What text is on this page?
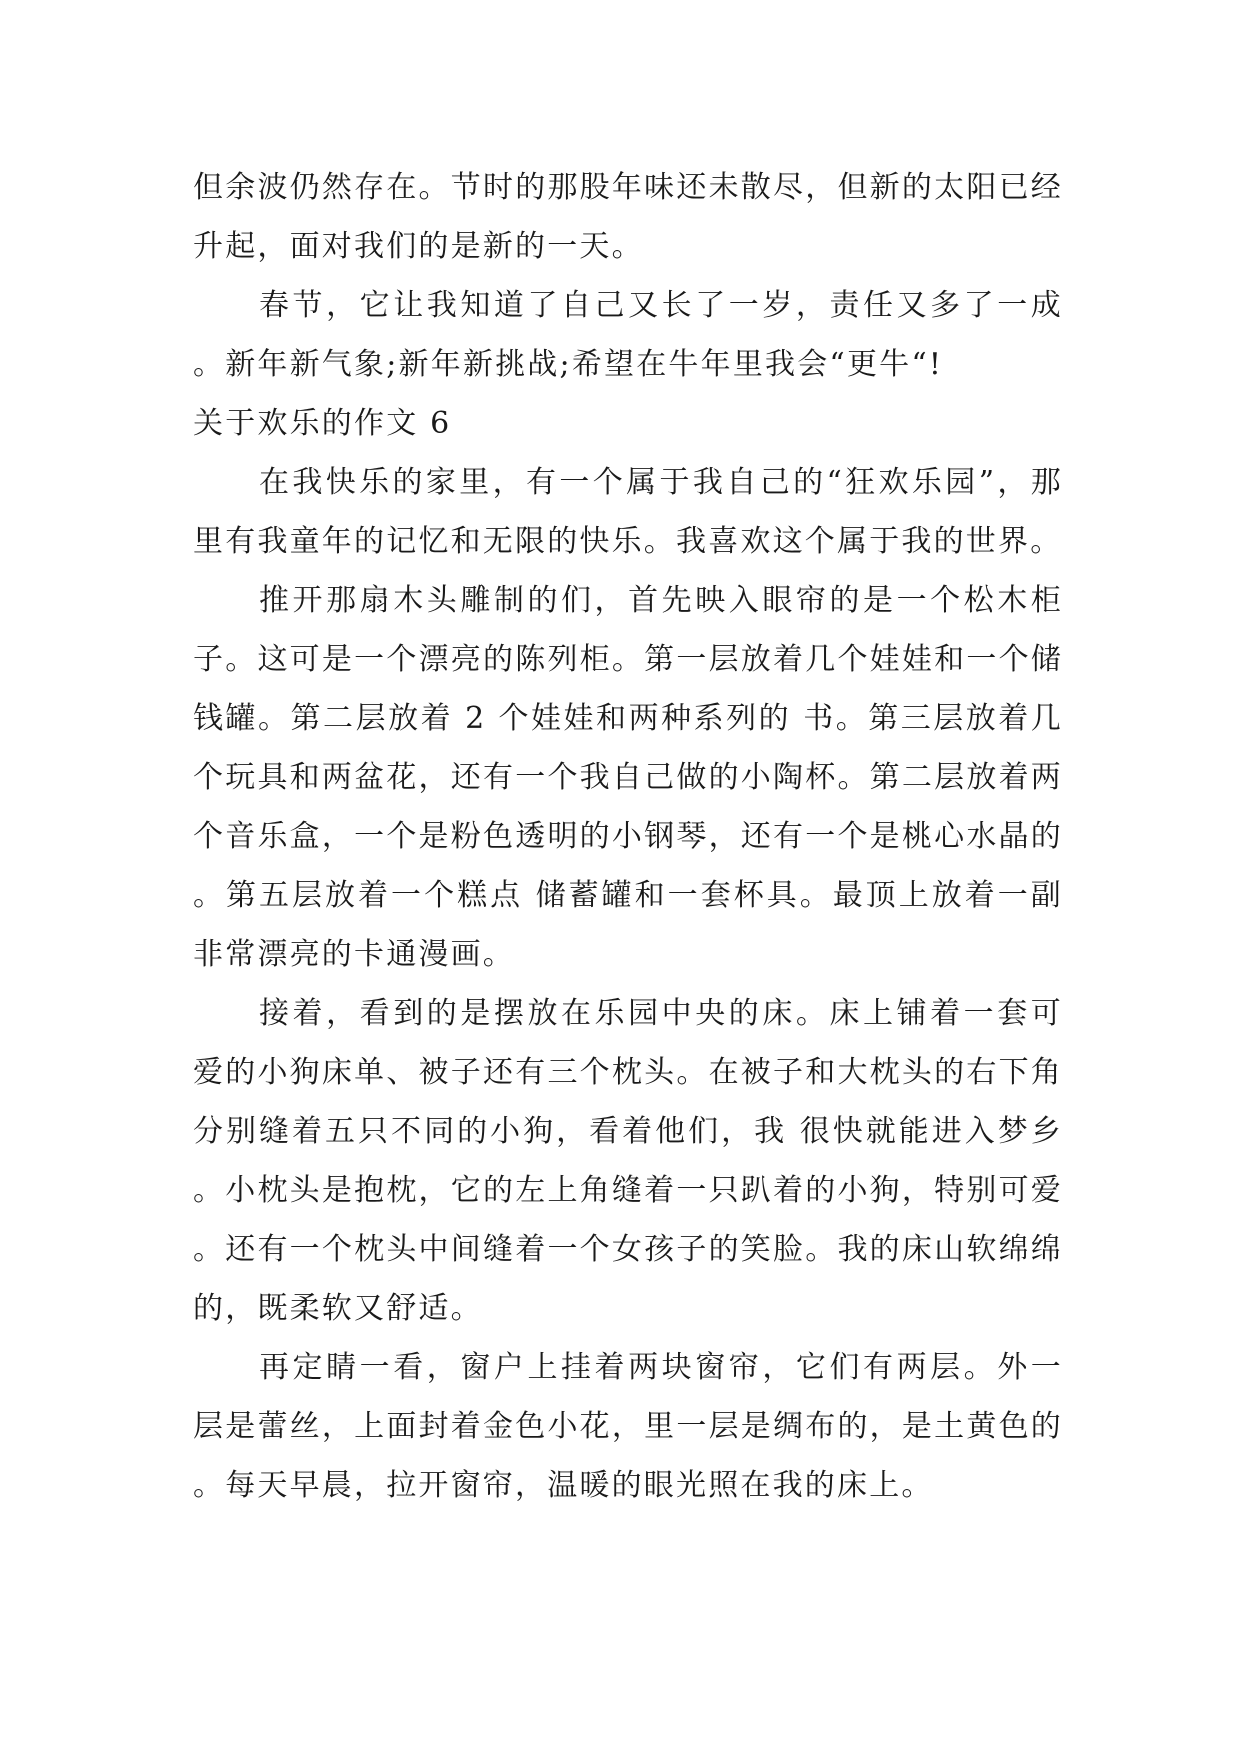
但余波仍然存在。节时的那股年味还未散尽，但新的太阳已经升起，面对我们的是新的一天。

春节，它让我知道了自己又长了一岁，责任又多了一成。新年新气象;新年新挑战;希望在牛年里我会“更牛“!

关于欢乐的作文 6

在我快乐的家里，有一个属于我自己的“狂欢乐园”，那里有我童年的记忆和无限的快乐。我喜欢这个属于我的世界。

推开那扇木头雕制的们，首先映入眼帘的是一个松木柜子。这可是一个漂亮的陈列柜。第一层放着几个娃娃和一个储钱罐。第二层放着 2 个娃娃和两种系列的 书。第三层放着几个玩具和两盆花，还有一个我自己做的小陶杯。第二层放着两个音乐盒，一个是粉色透明的小钢琴，还有一个是桃心水晶的。第五层放着一个糕点 储蓄罐和一套杯具。最顶上放着一副非常漂亮的卡通漫画。

接着，看到的是摆放在乐园中央的床。床上铺着一套可爱的小狗床单、被子还有三个枕头。在被子和大枕头的右下角分别缝着五只不同的小狗，看着他们，我 很快就能进入梦乡。小枕头是抱枕，它的左上角缝着一只趴着的小狗，特别可爱。还有一个枕头中间缝着一个女孩子的笑脸。我的床山软绵绵的，既柔软又舒适。

再定睛一看，窗户上挂着两块窗帘，它们有两层。外一层是蕾丝，上面封着金色小花，里一层是绸布的，是土黄色的。每天早晨，拉开窗帘，温暖的眼光照在我的床上。
